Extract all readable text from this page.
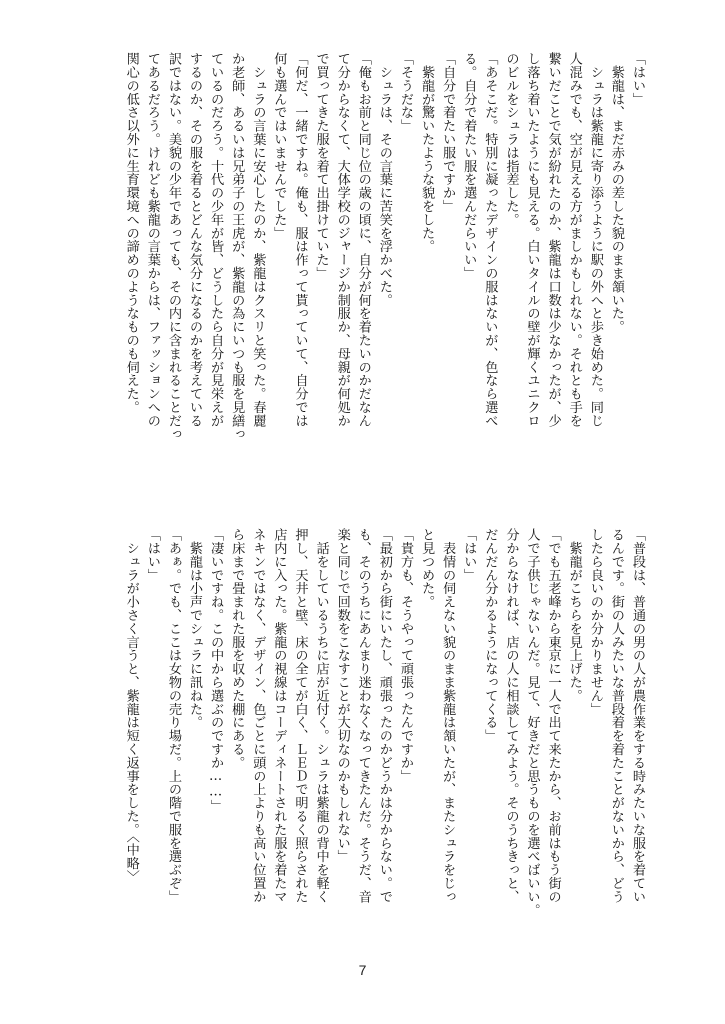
「はい」
　紫龍は、まだ赤みの差した貌のまま頷いた。
　シュラは紫龍に寄り添うように駅の外へと歩き始めた。同じ
人混みでも、空が見える方がましかもしれない。それとも手を
繋いだことで気が紛れたのか、紫龍は口数は少なかったが、少
し落ち着いたようにも見える。白いタイルの壁が輝くユニクロ
のビルをシュラは指差した。
「あそこだ。特別に凝ったデザインの服はないが、色なら選べ
る。自分で着たい服を選んだらいい」
「自分で着たい服ですか」
　紫龍が驚いたような貌をした。
「そうだな」
　シュラは、その言葉に苦笑を浮かべた。
「俺もお前と同じ位の歳の頃に、自分が何を着たいのかだなん
て分からなくて、大体学校のジャージか制服か、母親が何処か
で買ってきた服を着て出掛けていた」
「何だ、一緒ですね。俺も、服は作って貰っていて、自分では
何も選んではいませんでした」
　シュラの言葉に安心したのか、紫龍はクスリと笑った。春麗
か老師、あるいは兄弟子の王虎が、紫龍の為にいつも服を見繕っ
ているのだろう。十代の少年が皆、どうしたら自分が見栄えが
するのか、その服を着るとどんな気分になるのかを考えている
訳ではない。美貌の少年であっても、その内に含まれることだっ
てあるだろう。けれども紫龍の言葉からは、ファッションへの
関心の低さ以外に生育環境への諦めのようなものも伺えた。
「普段は、普通の男の人が農作業をする時みたいな服を着てい
るんです。街の人みたいな普段着を着たことがないから、どう
したら良いのか分かりません」
　紫龍がこちらを見上げた。
「でも五老峰から東京に一人で出て来たから、お前はもう街の
人で子供じゃないんだ。見て、好きだと思うものを選べばいい。
分からなければ、店の人に相談してみよう。そのうちきっと、
だんだん分かるようになってくる」
「はい」
　表情の伺えない貌のまま紫龍は頷いたが、またシュラをじっ
と見つめた。
「貴方も、そうやって頑張ったんですか」
「最初から街にいたし、頑張ったのかどうかは分からない。で
も、そのうちにあんまり迷わなくなってきたんだ。そうだ、音
楽と同じで回数をこなすことが大切なのかもしれない」
　話をしているうちに店が近付く。シュラは紫龍の背中を軽く
押し、天井と壁、床の全てが白く、ＬＥＤで明るく照らされた
店内に入った。紫龍の視線はコーディネートされた服を着たマ
ネキンではなく、デザイン、色ごとに頭の上よりも高い位置か
ら床まで畳まれた服を収めた棚にある。
「凄いですね。この中から選ぶのですか……」
　紫龍は小声でシュラに訊ねた。
「あぁ。でも、ここは女物の売り場だ。上の階で服を選ぶぞ」
「はい」
　シュラが小さく言うと、紫龍は短く返事をした。〈中略〉
7
